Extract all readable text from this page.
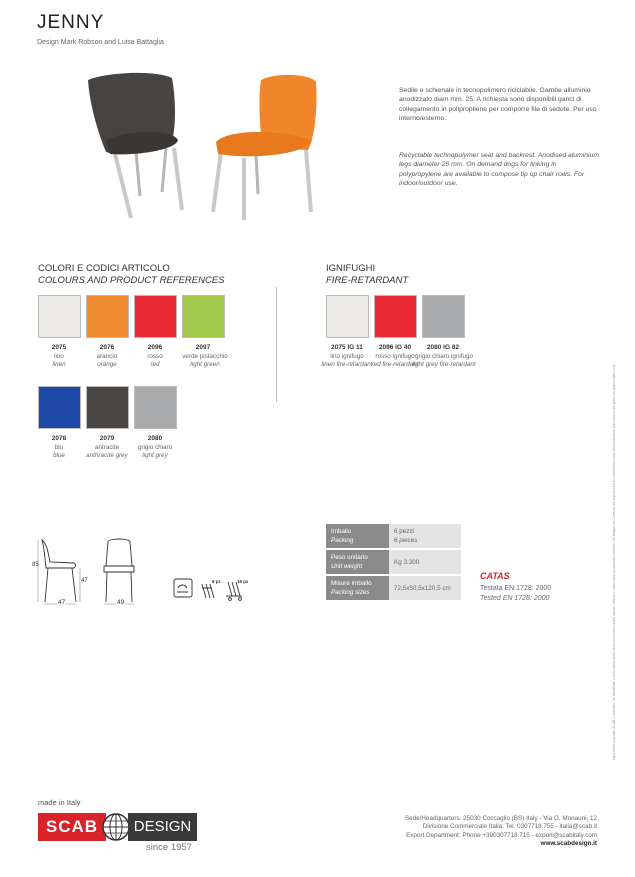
JENNY
Design Mark Robson and Luisa Battaglia
Sedile e schienale in tecnopolimero riciclabile. Gambe alluminio anodizzato diam mm. 25. A richiesta sono disponibili ganci di collegamento in polipropilene per comporre file di sedute. Per uso interno/esterno.
Recyclable technopolymer seat and backrest. Anodised aluminium legs diameter 25 mm. On demand dogs for linking in polypropylene are available to compose tip up chair rows. For indoor/outdoor use.
COLORI E CODICI ARTICOLO
COLOURS AND PRODUCT REFERENCES
2075	2076	2096	2097
lino
linen
arancio
orange
rosso
red
verde pistacchio
light green
2078	2079	2080
blu
blue
antracite
anthracite grey
grigio chiaro
light grey
IGNIFUGHI
FIRE-RETARDANT
2075 IG 11	2096 IG 40	2080 IG 82
lino ignifugo
linen fire-retardant
rosso ignifugo
red fire-retardant
grigio chiaro ignifugo
light grey fire-retardant
85
47
47	49
8 pz	16 pz
Imballo
Packing	6 pezzi
6 pieces
Peso unitario
Unit weight	Kg 3,300
Misure imballo
Packing sizes	72,5x50,5x120,5 cm
CATAS
Testata EN 1728: 2000
Tested EN 1728: 2000	Ogni diritto originale SCAB è riservato, da beneficiati e ai fini della tutela dei diritti d'autore e dei marchi. Misure e colori sono puramente indicativi. All images of Contents are reproduced for information only. Measurements and colours are given as approximate only.
made in Italy
SCAB	DESIGN
since 1957
Sede/Headquarters: 25030 Coccaglio (BS) Italy - Via G. Monauni, 12
Divisione Commerciale Italia: Tel. 0307718.755 - italia@scab.it
Export Department: Phone +390307718.715 - export@scabitaly.com
www.scabdesign.it
